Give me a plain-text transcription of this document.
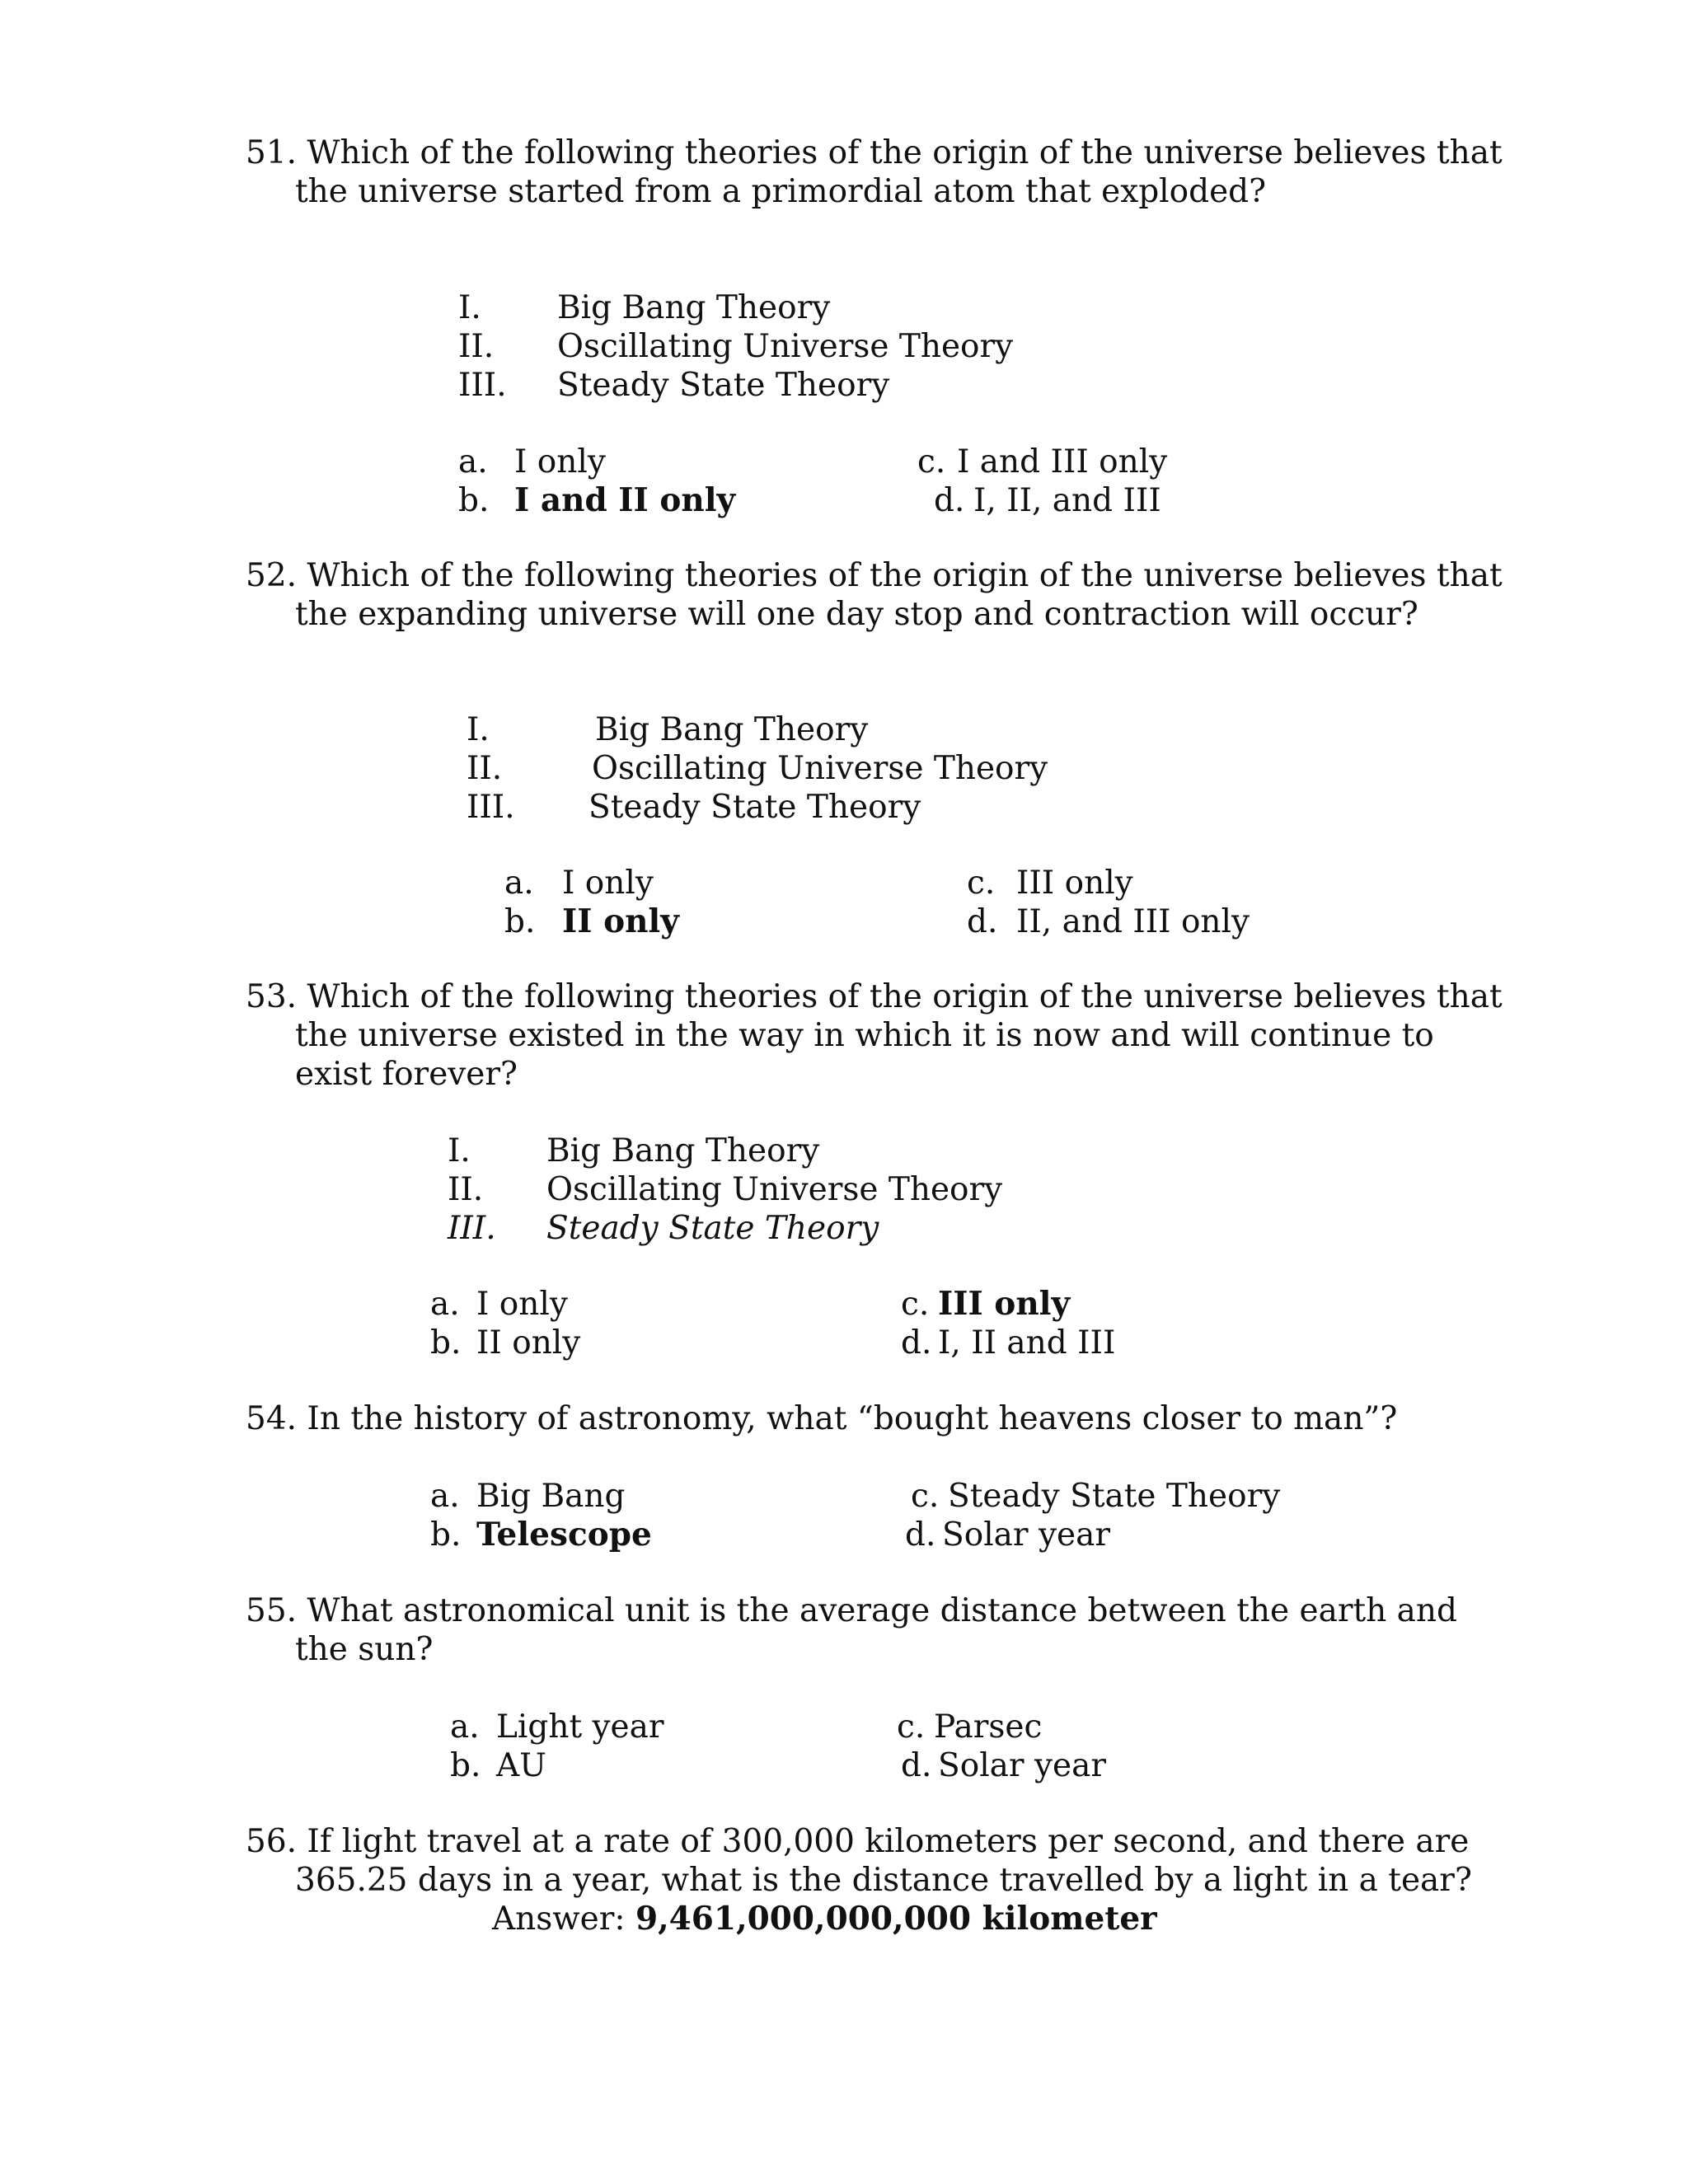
51. Which of the following theories of the origin of the universe believes that
the universe started from a primordial atom that exploded?
I. Big Bang Theory
II. Oscillating Universe Theory
III. Steady State Theory
a. I only
b. I and II only
c. I and III only
d. I, II, and III
52. Which of the following theories of the origin of the universe believes that
the expanding universe will one day stop and contraction will occur?
I.	Big Bang Theory
II.	Oscillating Universe Theory
III. Steady State Theory
a. I only
b. II only
c. III only
d. II, and III only
53. Which of the following theories of the origin of the universe believes that
the universe existed in the way in which it is now and will continue to
exist forever?
I. Big Bang Theory
II. Oscillating Universe Theory
III. Steady State Theory
a. I only
b. II only
c. III only
d. I, II and III
54. In the history of astronomy, what “bought heavens closer to man”?
a. Big Bang
b. Telescope
c. Steady State Theory
d. Solar year
55. What astronomical unit is the average distance between the earth and
the sun?
a. Light year
b. AU
c. Parsec
d. Solar year
56. If light travel at a rate of 300,000 kilometers per second, and there are
365.25 days in a year, what is the distance travelled by a light in a tear?
Answer: 9,461,000,000,000 kilometer
